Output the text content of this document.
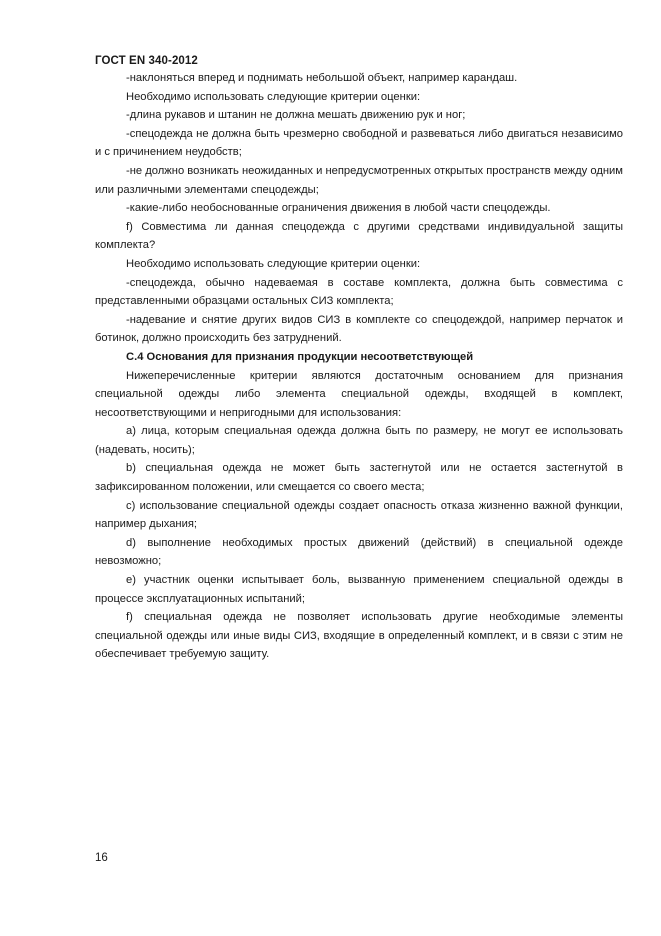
ГОСТ EN 340-2012

-наклоняться вперед и поднимать небольшой объект, например карандаш.

Необходимо использовать следующие критерии оценки:

-длина рукавов и штанин не должна мешать движению рук и ног;

-спецодежда не должна быть чрезмерно свободной и развеваться либо двигаться независимо и с причинением неудобств;

-не должно возникать неожиданных и непредусмотренных открытых пространств между одним или различными элементами спецодежды;

-какие-либо необоснованные ограничения движения в любой части спецодежды.

f) Совместима ли данная спецодежда с другими средствами индивидуальной защиты комплекта?

Необходимо использовать следующие критерии оценки:

-спецодежда, обычно надеваемая в составе комплекта, должна быть совместима с представленными образцами остальных СИЗ комплекта;

-надевание и снятие других видов СИЗ в комплекте со спецодеждой, например перчаток и ботинок, должно происходить без затруднений.

C.4 Основания для признания продукции несоответствующей

Нижеперечисленные критерии являются достаточным основанием для признания специальной одежды либо элемента специальной одежды, входящей в комплект, несоответствующими и непригодными для использования:

a) лица, которым специальная одежда должна быть по размеру, не могут ее использовать (надевать, носить);

b) специальная одежда не может быть застегнутой или не остается застегнутой в зафиксированном положении, или смещается со своего места;

c) использование специальной одежды создает опасность отказа жизненно важной функции, например дыхания;

d) выполнение необходимых простых движений (действий) в специальной одежде невозможно;

e) участник оценки испытывает боль, вызванную применением специальной одежды в процессе эксплуатационных испытаний;

f) специальная одежда не позволяет использовать другие необходимые элементы специальной одежды или иные виды СИЗ, входящие в определенный комплект, и в связи с этим не обеспечивает требуемую защиту.

16
